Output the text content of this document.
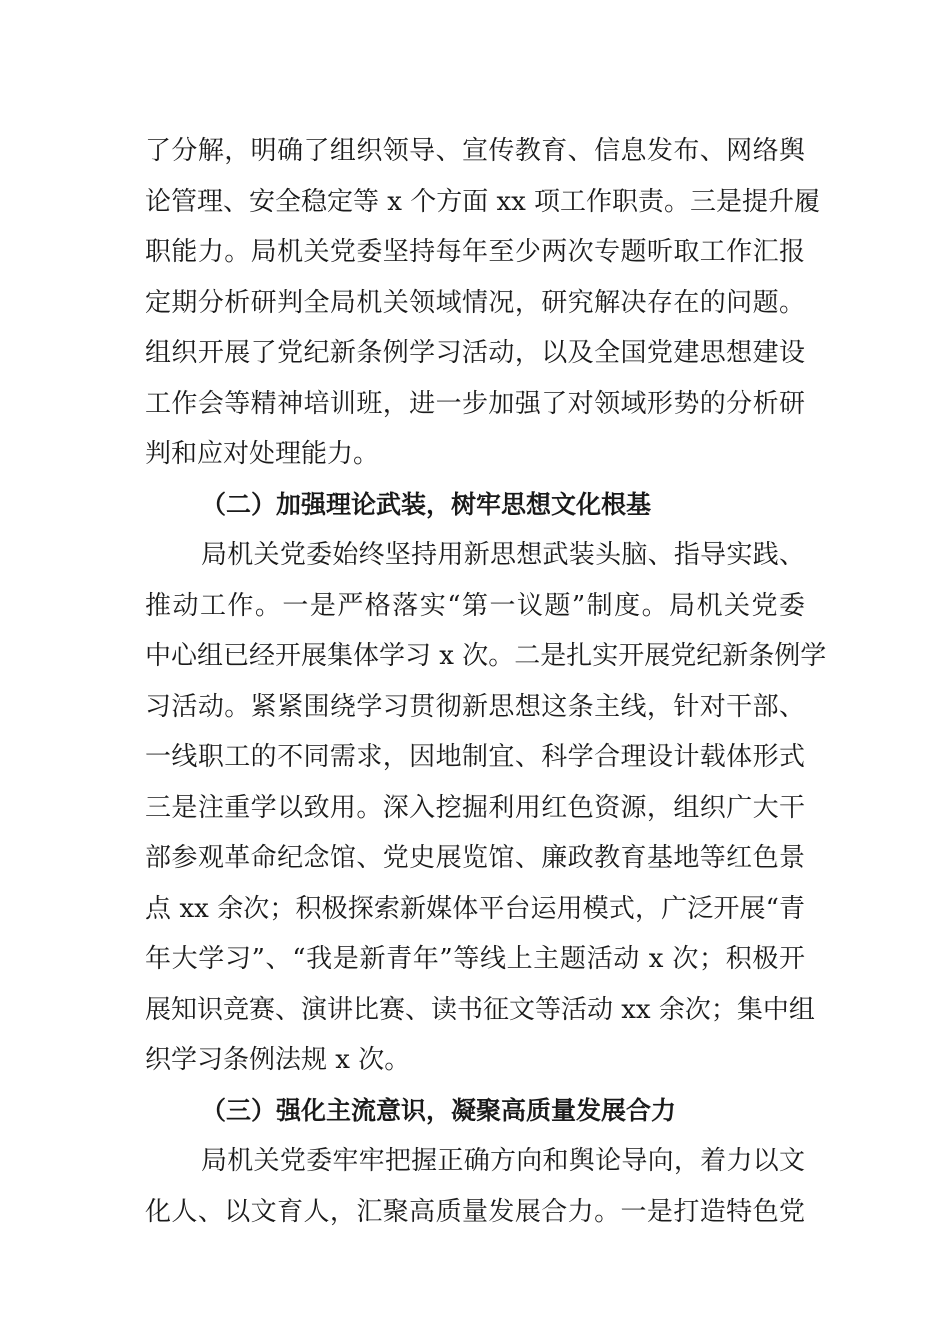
了分解，明确了组织领导、宣传教育、信息发布、网络舆
论管理、安全稳定等 x 个方面 xx 项工作职责。三是提升履
职能力。局机关党委坚持每年至少两次专题听取工作汇报
定期分析研判全局机关领域情况，研究解决存在的问题。
组织开展了党纪新条例学习活动，以及全国党建思想建设
工作会等精神培训班，进一步加强了对领域形势的分析研
判和应对处理能力。
（二）加强理论武装，树牢思想文化根基
局机关党委始终坚持用新思想武装头脑、指导实践、
推动工作。一是严格落实“第一议题”制度。局机关党委
中心组已经开展集体学习 x 次。二是扎实开展党纪新条例学
习活动。紧紧围绕学习贯彻新思想这条主线，针对干部、
一线职工的不同需求，因地制宜、科学合理设计载体形式
三是注重学以致用。深入挖掘利用红色资源，组织广大干
部参观革命纪念馆、党史展览馆、廉政教育基地等红色景
点 xx 余次；积极探索新媒体平台运用模式，广泛开展“青
年大学习”、“我是新青年”等线上主题活动 x 次；积极开
展知识竞赛、演讲比赛、读书征文等活动 xx 余次；集中组
织学习条例法规 x 次。
（三）强化主流意识，凝聚高质量发展合力
局机关党委牢牢把握正确方向和舆论导向，着力以文
化人、以文育人，汇聚高质量发展合力。一是打造特色党
